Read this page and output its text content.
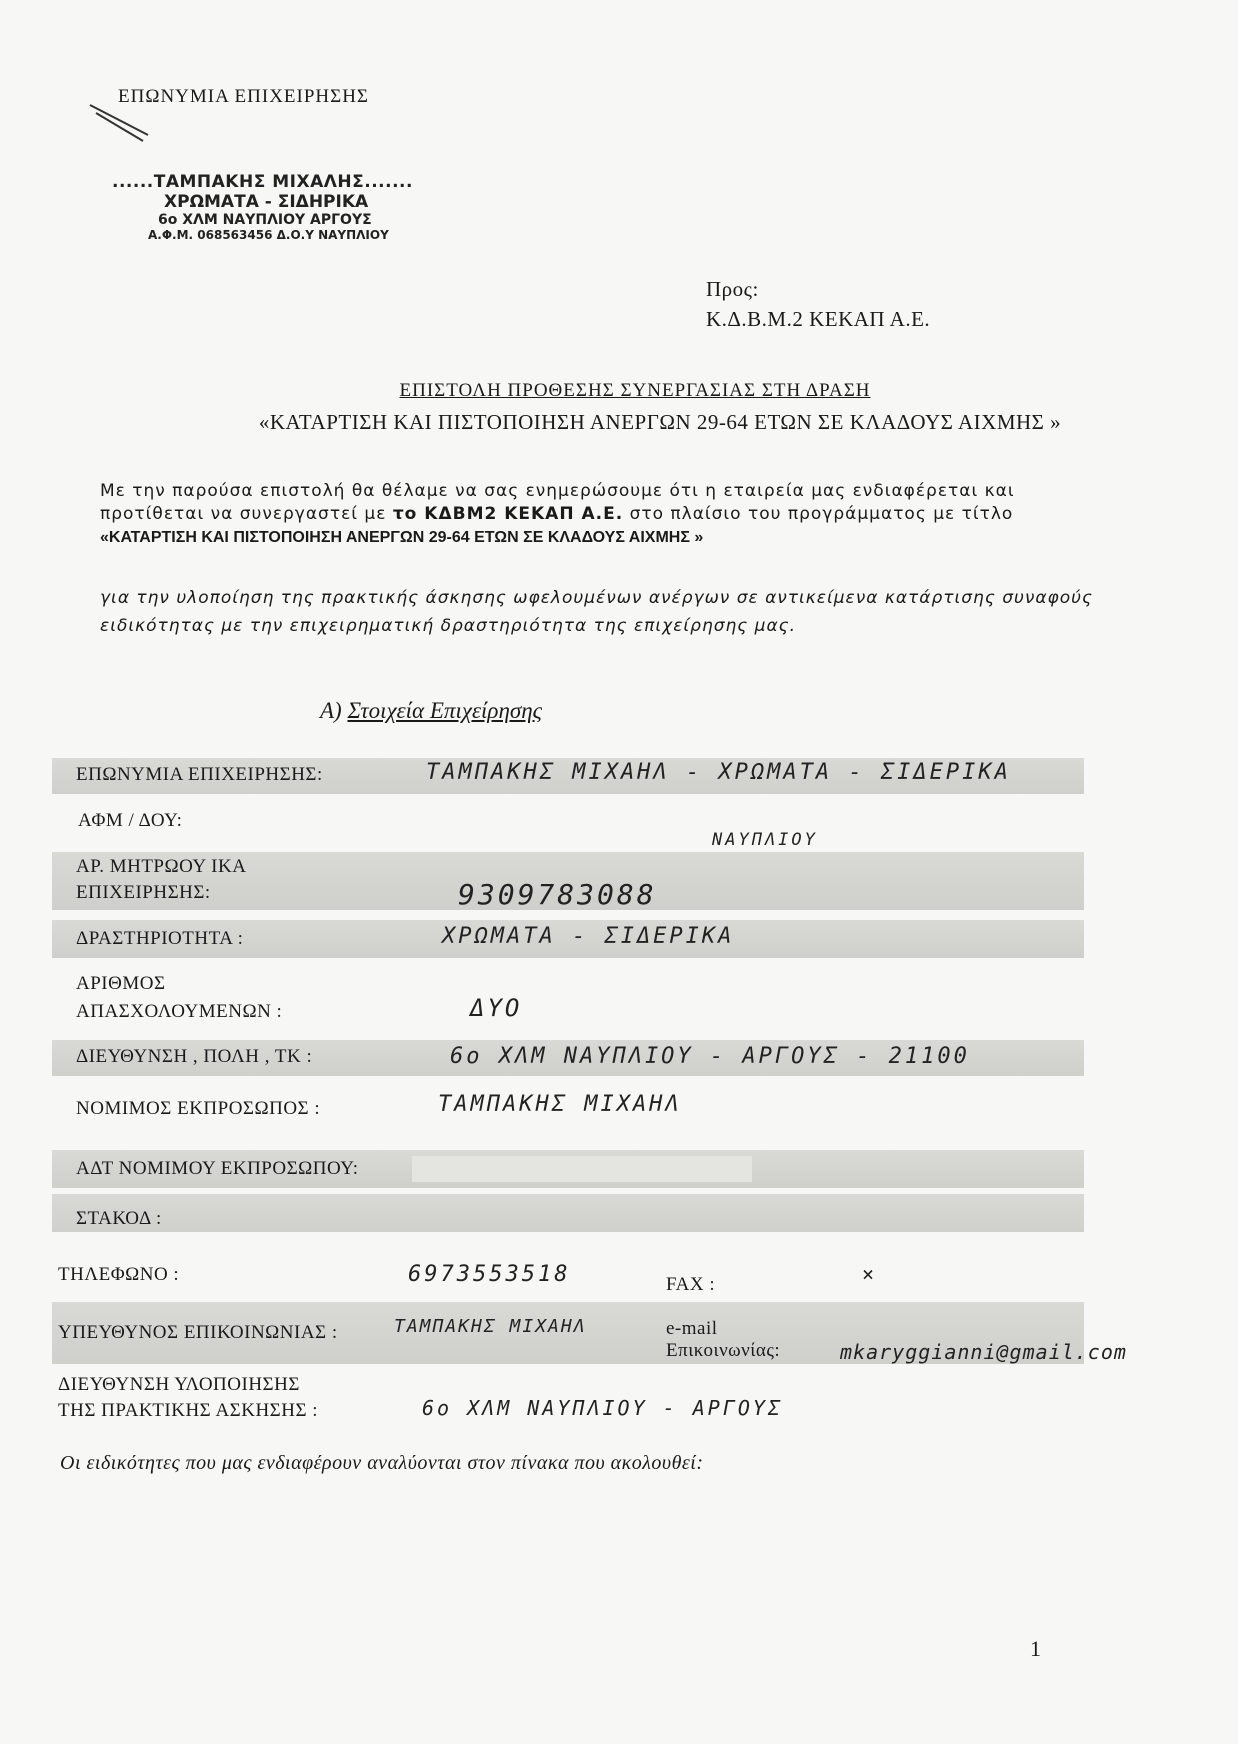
ΕΠΩΝΥΜΙΑ ΕΠΙΧΕΙΡΗΣΗΣ
......ΤΑΜΠΑΚΗΣ ΜΙΧΑΛΗΣ.......
ΧΡΩΜΑΤΑ - ΣΙΔΗΡΙΚΑ
6ο ΧΛΜ ΝΑΥΠΛΙΟΥ ΑΡΓΟΥΣ
Α.Φ.Μ. 068563456 Δ.Ο.Υ ΝΑΥΠΛΙΟΥ
Προς:
Κ.Δ.Β.Μ.2 ΚΕΚΑΠ Α.Ε.
ΕΠΙΣΤΟΛΗ ΠΡΟΘΕΣΗΣ ΣΥΝΕΡΓΑΣΙΑΣ ΣΤΗ ΔΡΑΣΗ
«ΚΑΤΑΡΤΙΣΗ ΚΑΙ ΠΙΣΤΟΠΟΙΗΣΗ ΑΝΕΡΓΩΝ 29-64 ΕΤΩΝ ΣΕ ΚΛΑΔΟΥΣ ΑΙΧΜΗΣ »
Με την παρούσα επιστολή θα θέλαμε να σας ενημερώσουμε ότι η εταιρεία μας ενδιαφέρεται και προτίθεται να συνεργαστεί με το ΚΔΒΜ2 ΚΕΚΑΠ Α.Ε. στο πλαίσιο του προγράμματος με τίτλο
«ΚΑΤΑΡΤΙΣΗ ΚΑΙ ΠΙΣΤΟΠΟΙΗΣΗ ΑΝΕΡΓΩΝ 29-64 ΕΤΩΝ ΣΕ ΚΛΑΔΟΥΣ ΑΙΧΜΗΣ »
για την υλοποίηση της πρακτικής άσκησης ωφελουμένων ανέργων σε αντικείμενα κατάρτισης συναφούς ειδικότητας με την επιχειρηματική δραστηριότητα της επιχείρησης μας.
Α) Στοιχεία Επιχείρησης
ΕΠΩΝΥΜΙΑ ΕΠΙΧΕΙΡΗΣΗΣ:	ΤΑΜΠΑΚΗΣ ΜΙΧΑΗΛ - ΧΡΩΜΑΤΑ - ΣΙΔΕΡΙΚΑ
ΑΦΜ / ΔΟΥ:
ΝΑΥΠΛΙΟΥ
ΑΡ. ΜΗΤΡΩΟΥ ΙΚΑ
ΕΠΙΧΕΙΡΗΣΗΣ:	9309783088
ΔΡΑΣΤΗΡΙΟΤΗΤΑ :	ΧΡΩΜΑΤΑ - ΣΙΔΕΡΙΚΑ
ΑΡΙΘΜΟΣ
ΑΠΑΣΧΟΛΟΥΜΕΝΩΝ :	ΔΥΟ
ΔΙΕΥΘΥΝΣΗ , ΠΟΛΗ , ΤΚ :	6ο ΧΛΜ ΝΑΥΠΛΙΟΥ - ΑΡΓΟΥΣ - 21100
ΝΟΜΙΜΟΣ ΕΚΠΡΟΣΩΠΟΣ :	ΤΑΜΠΑΚΗΣ ΜΙΧΑΗΛ
ΑΔΤ ΝΟΜΙΜΟΥ ΕΚΠΡΟΣΩΠΟΥ:
ΣΤΑΚΟΔ :
ΤΗΛΕΦΩΝΟ :	6973553518	FAX :	×
ΥΠΕΥΘΥΝΟΣ ΕΠΙΚΟΙΝΩΝΙΑΣ :	ΤΑΜΠΑΚΗΣ ΜΙΧΑΗΛ	e-mail
Επικοινωνίας:	mkaryggianni@gmail.com
ΔΙΕΥΘΥΝΣΗ ΥΛΟΠΟΙΗΣΗΣ
ΤΗΣ ΠΡΑΚΤΙΚΗΣ ΑΣΚΗΣΗΣ :	6ο ΧΛΜ ΝΑΥΠΛΙΟΥ - ΑΡΓΟΥΣ
Οι ειδικότητες που μας ενδιαφέρουν αναλύονται στον πίνακα που ακολουθεί:
1
